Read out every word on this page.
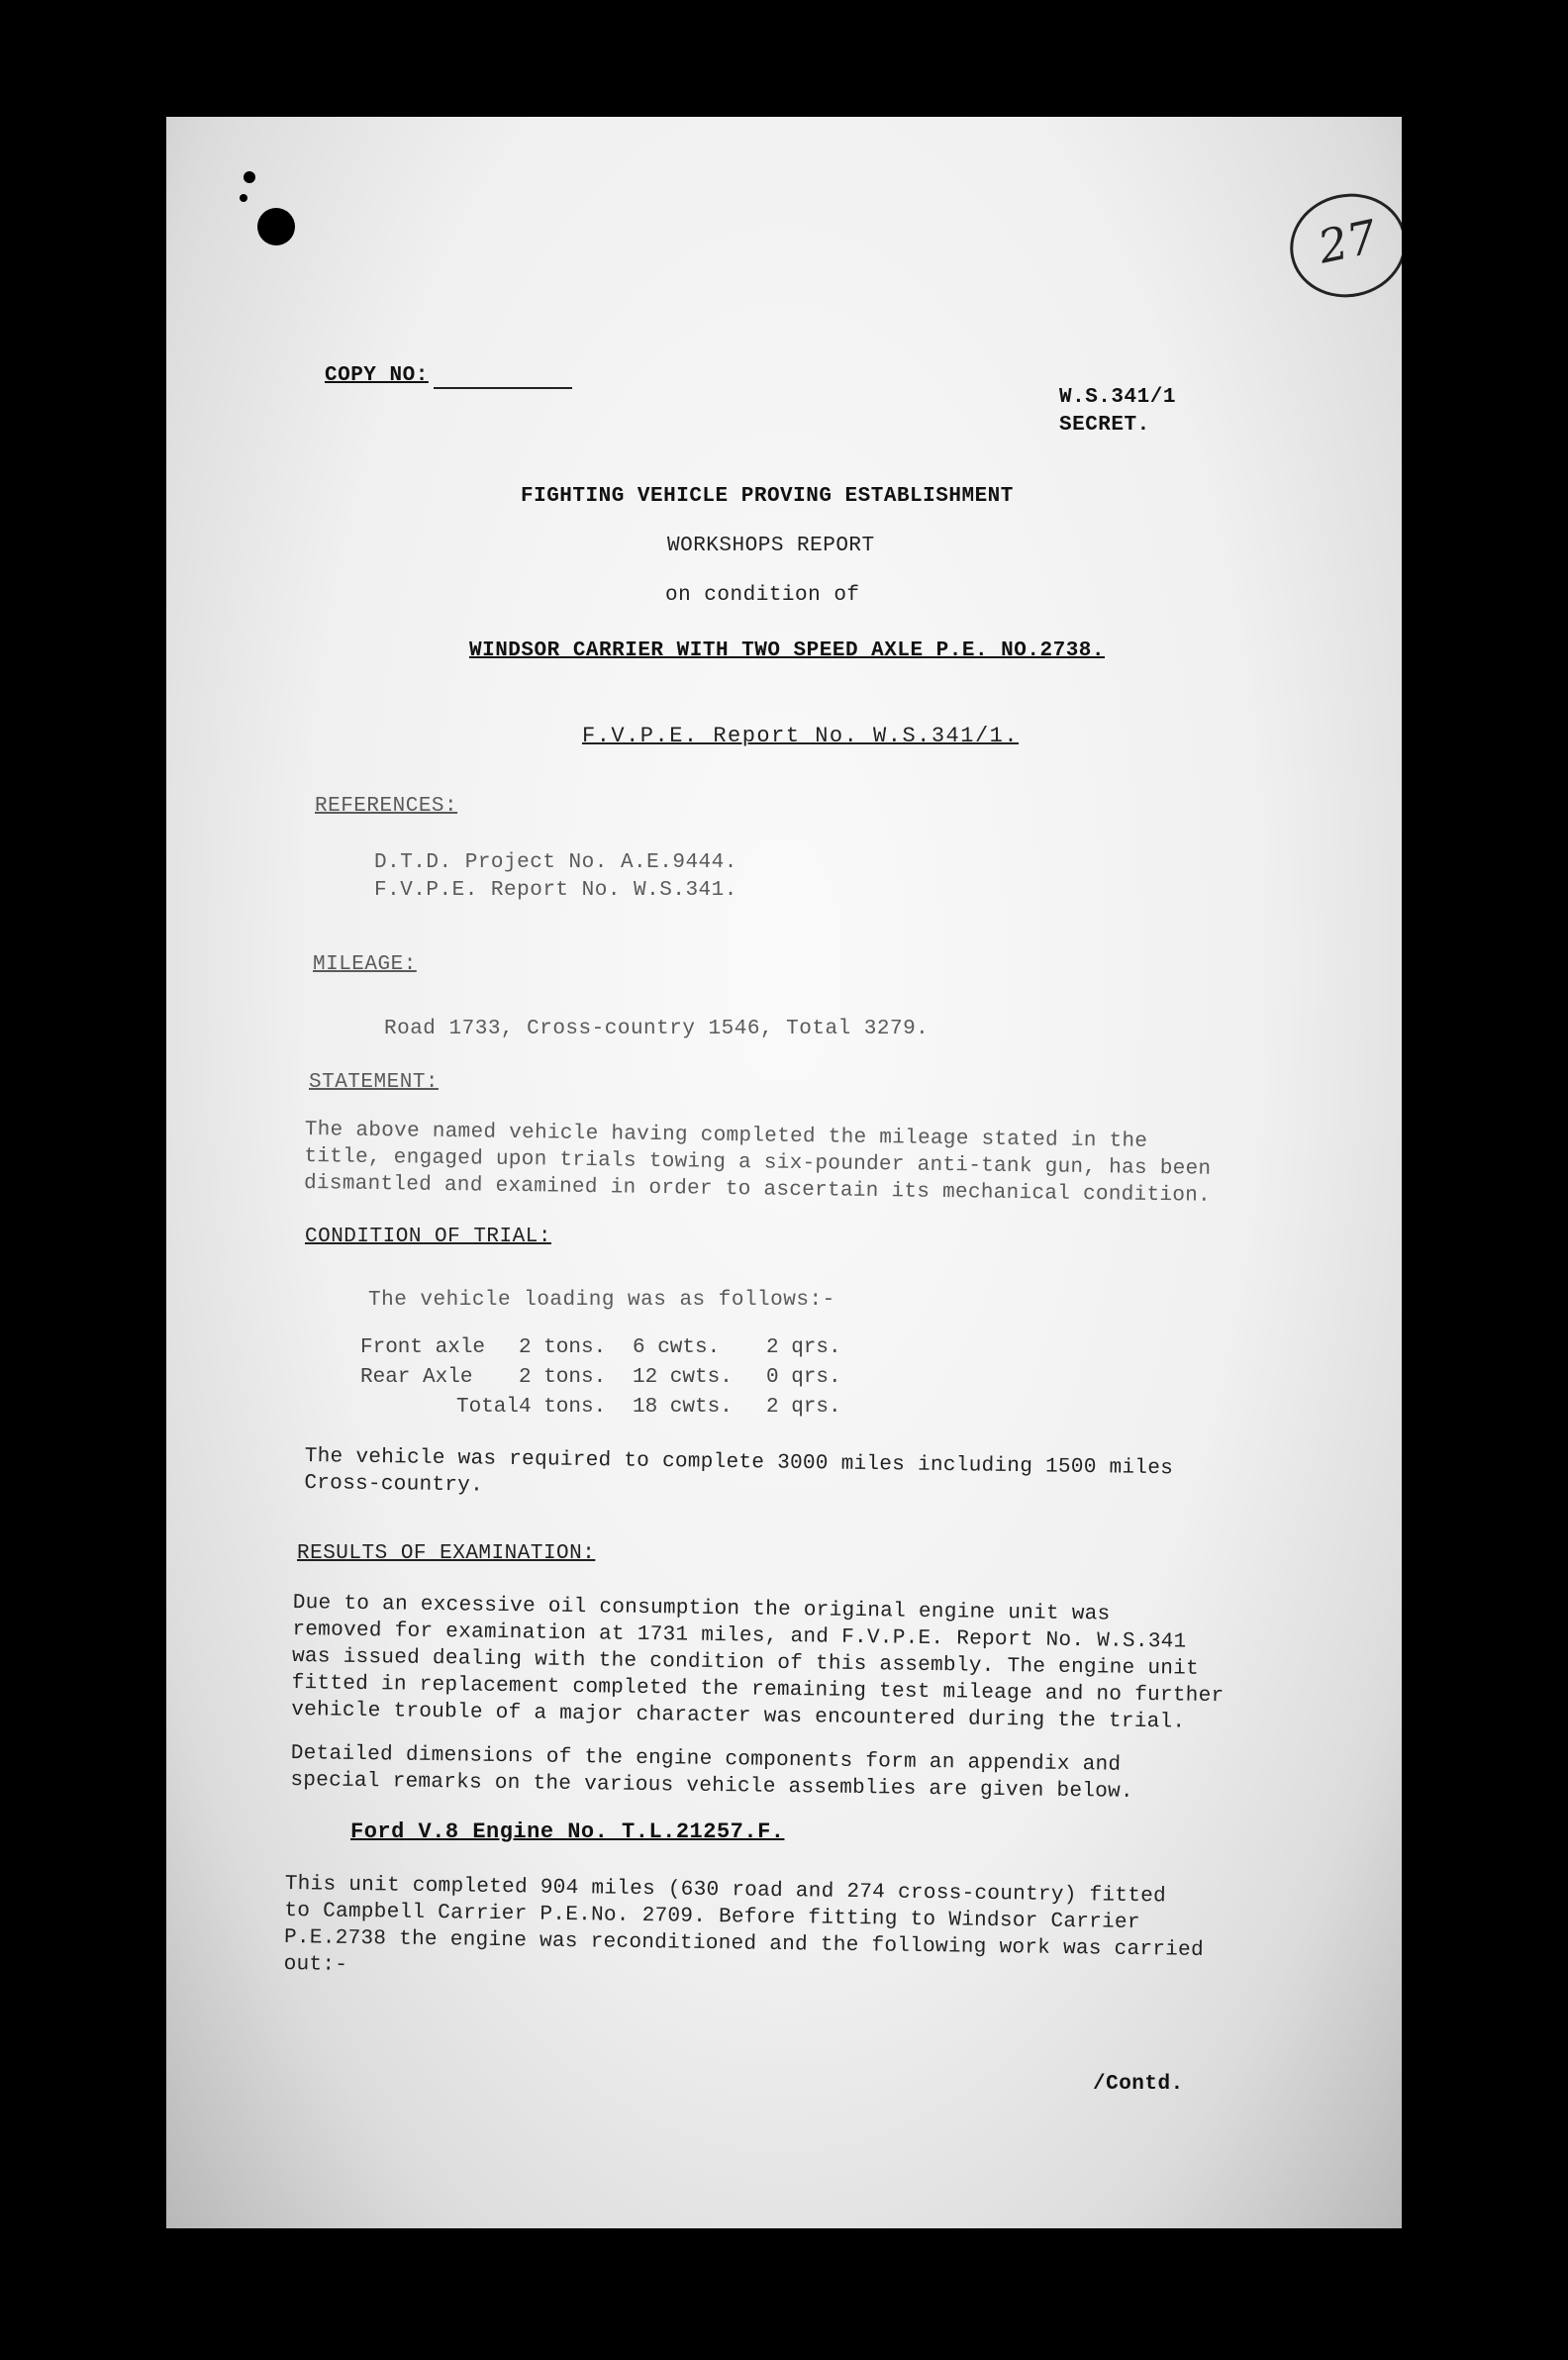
27
COPY NO:
W.S.341/1
SECRET.
FIGHTING VEHICLE PROVING ESTABLISHMENT
WORKSHOPS REPORT
on condition of
WINDSOR CARRIER WITH TWO SPEED AXLE P.E. NO.2738.
F.V.P.E. Report No. W.S.341/1.
REFERENCES:
D.T.D. Project No. A.E.9444.
F.V.P.E. Report No. W.S.341.
MILEAGE:
Road 1733, Cross-country 1546, Total 3279.
STATEMENT:
The above named vehicle having completed the mileage stated in the
title, engaged upon trials towing a six-pounder anti-tank gun, has been
dismantled and examined in order to ascertain its mechanical condition.
CONDITION OF TRIAL:
The vehicle loading was as follows:-
Front axle 2 tons. 6 cwts. 2 qrs.
Rear Axle 2 tons. 12 cwts. 0 qrs.
Total4 tons. 18 cwts. 2 qrs.
The vehicle was required to complete 3000 miles including 1500 miles
Cross-country.
RESULTS OF EXAMINATION:
Due to an excessive oil consumption the original engine unit was
removed for examination at 1731 miles, and F.V.P.E. Report No. W.S.341
was issued dealing with the condition of this assembly. The engine unit
fitted in replacement completed the remaining test mileage and no further
vehicle trouble of a major character was encountered during the trial.
Detailed dimensions of the engine components form an appendix and
special remarks on the various vehicle assemblies are given below.
Ford V.8 Engine No. T.L.21257.F.
This unit completed 904 miles (630 road and 274 cross-country) fitted
to Campbell Carrier P.E.No. 2709. Before fitting to Windsor Carrier
P.E.2738 the engine was reconditioned and the following work was carried
out:-
/Contd.
